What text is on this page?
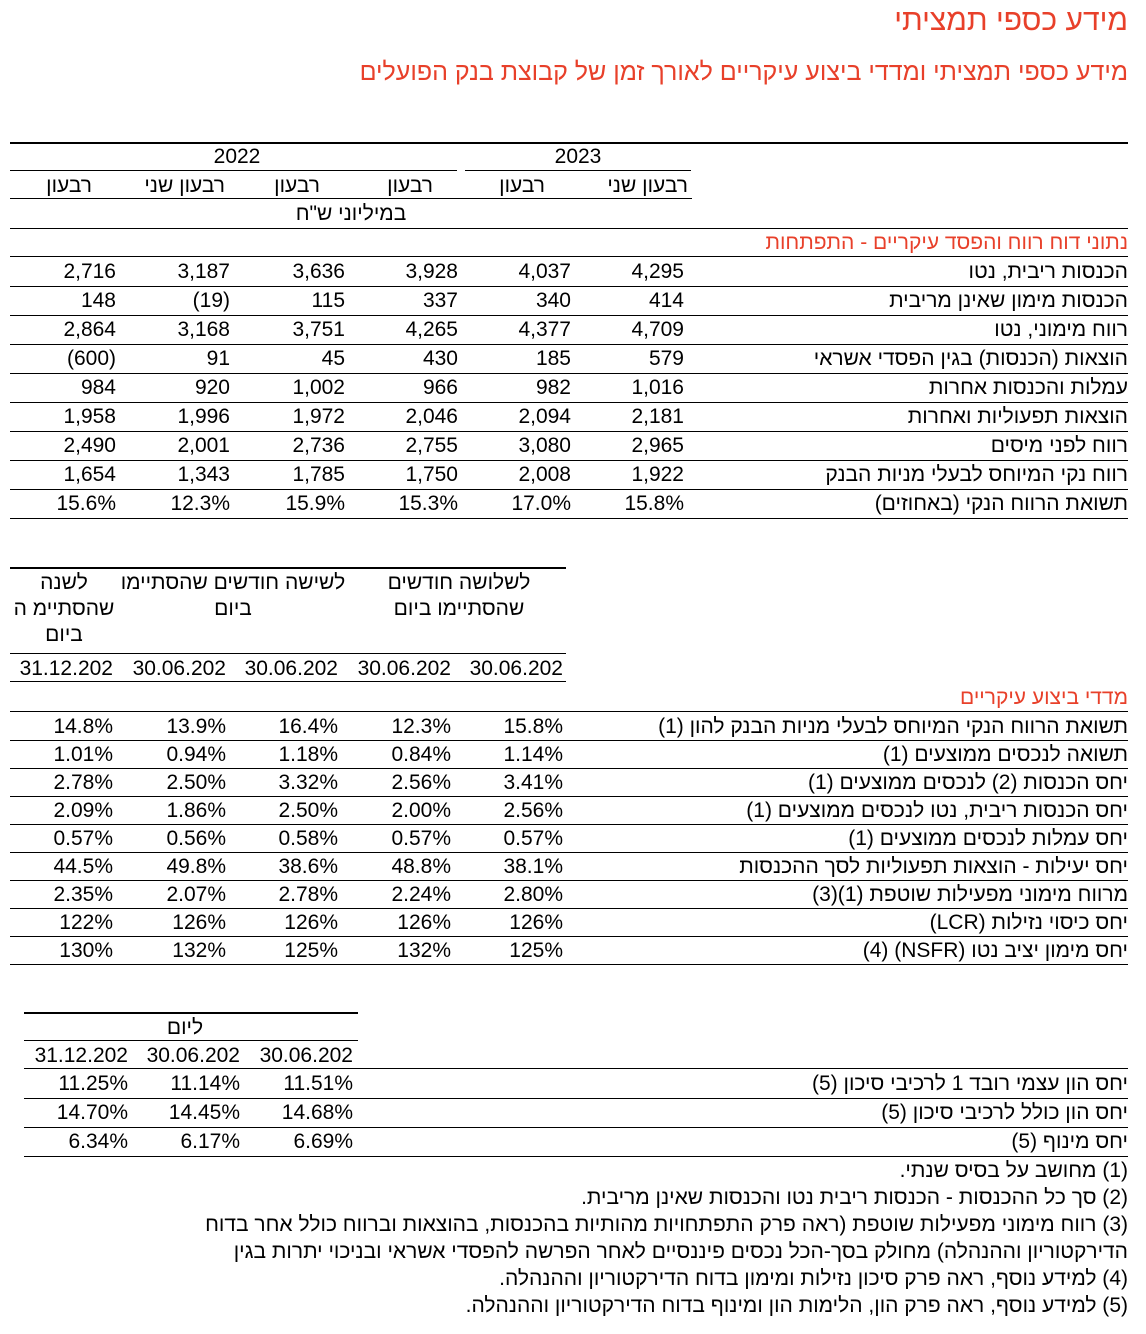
מידע כספי תמציתי
מידע כספי תמציתי ומדדי ביצוע עיקריים לאורך זמן של קבוצת בנק הפועלים
2023
2022
רבעון שני
רבעון
רבעון
רבעון
רבעון שני
רבעון
במיליוני ש"ח
נתוני דוח רווח והפסד עיקריים - התפתחות
הכנסות ריבית, נטו
4,295
4,037
3,928
3,636
3,187
2,716
הכנסות מימון שאינן מריבית
414
340
337
115
(19)
148
רווח מימוני, נטו
4,709
4,377
4,265
3,751
3,168
2,864
הוצאות (הכנסות) בגין הפסדי אשראי
579
185
430
45
91
(600)
עמלות והכנסות אחרות
1,016
982
966
1,002
920
984
הוצאות תפעוליות ואחרות
2,181
2,094
2,046
1,972
1,996
1,958
רווח לפני מיסים
2,965
3,080
2,755
2,736
2,001
2,490
רווח נקי המיוחס לבעלי מניות הבנק
1,922
2,008
1,750
1,785
1,343
1,654
תשואת הרווח הנקי (באחוזים)
15.8%
17.0%
15.3%
15.9%
12.3%
15.6%
לשלושה חודשים שהסתיימו ביום
לשישה חודשים שהסתיימו ביום
לשנה שהסתיימ ה ביום
30.06.202
30.06.202
30.06.202
30.06.202
31.12.202
מדדי ביצוע עיקריים
תשואת הרווח הנקי המיוחס לבעלי מניות הבנק להון (1)
15.8%
12.3%
16.4%
13.9%
14.8%
תשואה לנכסים ממוצעים (1)
1.14%
0.84%
1.18%
0.94%
1.01%
יחס הכנסות (2) לנכסים ממוצעים (1)
3.41%
2.56%
3.32%
2.50%
2.78%
יחס הכנסות ריבית, נטו לנכסים ממוצעים (1)
2.56%
2.00%
2.50%
1.86%
2.09%
יחס עמלות לנכסים ממוצעים (1)
0.57%
0.57%
0.58%
0.56%
0.57%
יחס יעילות - הוצאות תפעוליות לסך ההכנסות
38.1%
48.8%
38.6%
49.8%
44.5%
מרווח מימוני מפעילות שוטפת (1)(3)
2.80%
2.24%
2.78%
2.07%
2.35%
יחס כיסוי נזילות (LCR)
126%
126%
126%
126%
122%
יחס מימון יציב נטו (NSFR) (4)
125%
132%
125%
132%
130%
ליום
30.06.202
30.06.202
31.12.202
יחס הון עצמי רובד 1 לרכיבי סיכון (5)
11.51%
11.14%
11.25%
יחס הון כולל לרכיבי סיכון (5)
14.68%
14.45%
14.70%
יחס מינוף (5)
6.69%
6.17%
6.34%
(1) מחושב על בסיס שנתי.
(2) סך כל ההכנסות - הכנסות ריבית נטו והכנסות שאינן מריבית.
(3) רווח מימוני מפעילות שוטפת (ראה פרק התפתחויות מהותיות בהכנסות, בהוצאות וברווח כולל אחר בדוח
הדירקטוריון וההנהלה) מחולק בסך-הכל נכסים פיננסיים לאחר הפרשה להפסדי אשראי ובניכוי יתרות בגין
(4) למידע נוסף, ראה פרק סיכון נזילות ומימון בדוח הדירקטוריון וההנהלה.
(5) למידע נוסף, ראה פרק הון, הלימות הון ומינוף בדוח הדירקטוריון וההנהלה.
